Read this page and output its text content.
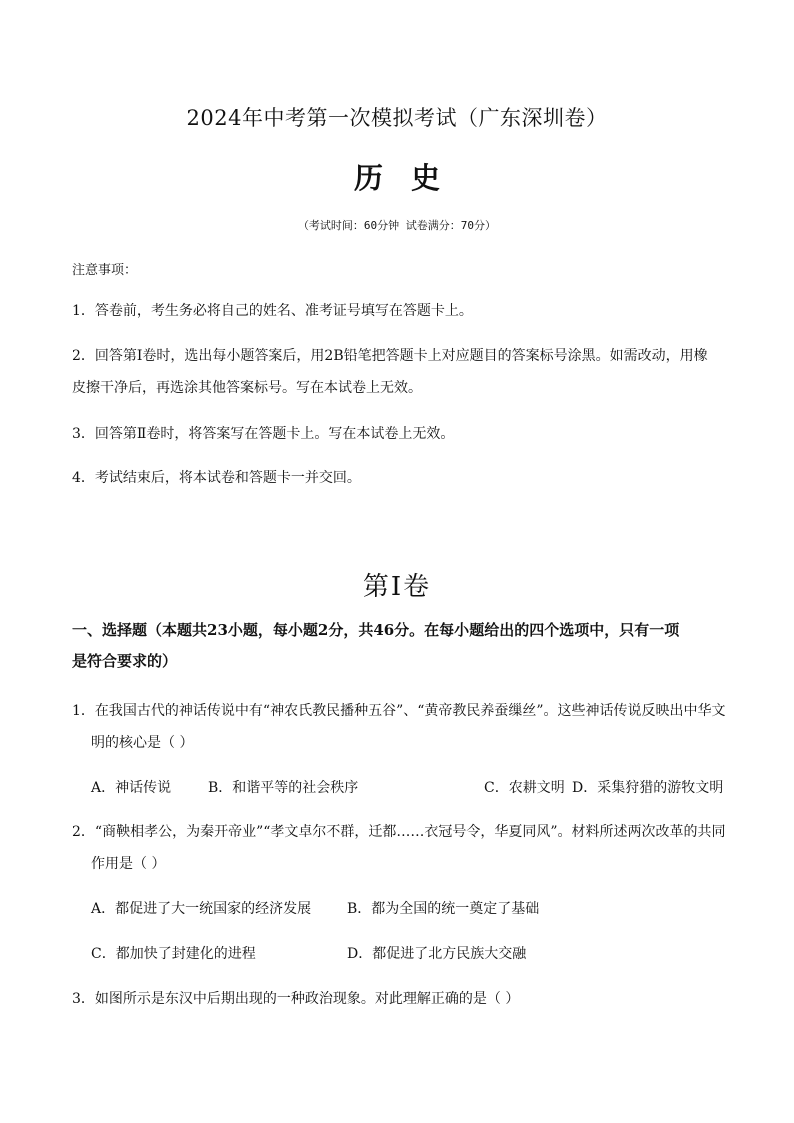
2024年中考第一次模拟考试（广东深圳卷）
历史
（考试时间：60分钟 试卷满分：70分）
注意事项：
1．答卷前，考生务必将自己的姓名、准考证号填写在答题卡上。
2．回答第Ⅰ卷时，选出每小题答案后，用2B铅笔把答题卡上对应题目的答案标号涂黑。如需改动，用橡
皮擦干净后，再选涂其他答案标号。写在本试卷上无效。
3．回答第Ⅱ卷时，将答案写在答题卡上。写在本试卷上无效。
4．考试结束后，将本试卷和答题卡一并交回。
第Ⅰ卷
一、选择题（本题共23小题，每小题2分，共46分。在每小题给出的四个选项中，只有一项
是符合要求的）
1．在我国古代的神话传说中有“神农氏教民播种五谷”、“黄帝教民养蚕缫丝”。这些神话传说反映出中华文
明的核心是（ ）
A．神话传说	B．和谐平等的社会秩序	C．农耕文明 D．采集狩猎的游牧文明
2．“商鞅相孝公，为秦开帝业”“孝文卓尔不群，迁都……衣冠号令，华夏同风”。材料所述两次改革的共同
作用是（ ）
A．都促进了大一统国家的经济发展	B．都为全国的统一奠定了基础
C．都加快了封建化的进程	D．都促进了北方民族大交融
3．如图所示是东汉中后期出现的一种政治现象。对此理解正确的是（ ）
